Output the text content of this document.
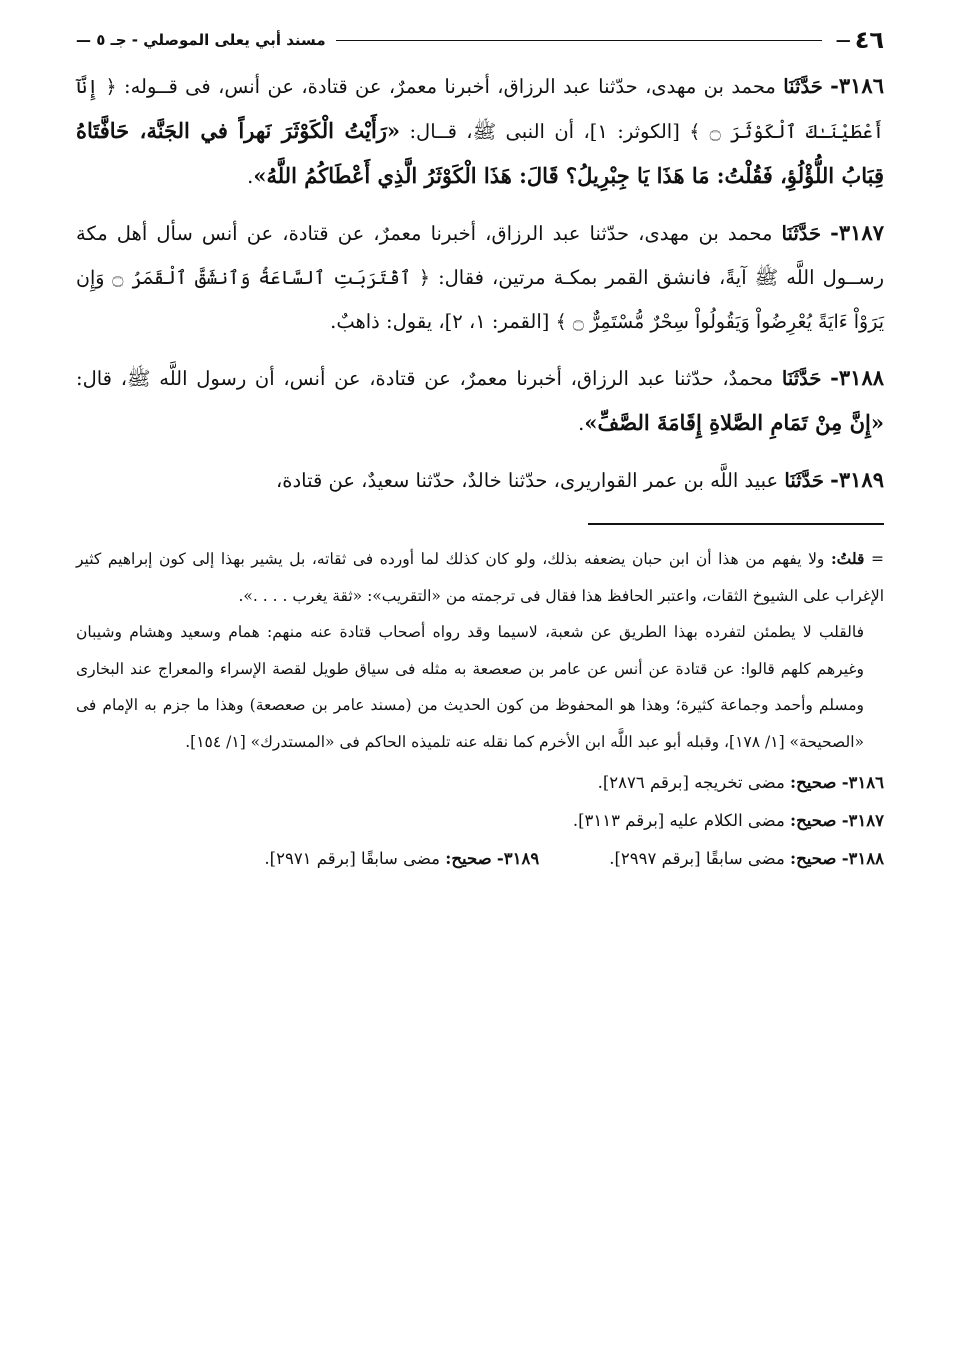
٤٦
—
مسند أبي يعلى الموصلي - جـ ٥ —
٣١٨٦- حَدَّثَنَا محمد بن مهدى، حدّثنا عبد الرزاق، أخبرنا معمرٌ، عن قتادة، عن أنس، فى قــوله: ﴿ إِنَّآ أَعْطَيْنَـٰكَ ٱلْكَوْثَرَ ۝ ﴾ [الكوثر: ١]، أن النبى ﷺ، قــال: «رَأَيْتُ الْكَوْثَرَ نَهراً في الجَنَّة، حَافَّتَاهُ قِبَابُ اللُّؤْلُؤِ، فَقُلْتُ: مَا هَذَا يَا جِبْرِيلُ؟ قَالَ: هَذَا الْكَوْثَرُ الَّذِي أَعْطَاكُمُ اللَّهُ».
٣١٨٧- حَدَّثَنَا محمد بن مهدى، حدّثنا عبد الرزاق، أخبرنا معمرٌ، عن قتادة، عن أنس سأل أهل مكة رســول اللَّه ﷺ آيةً، فانشق القمر بمكـة مرتين، فقال: ﴿ ٱقْتَرَبَتِ ٱلسَّاعَةُ وَٱنشَقَّ ٱلْقَمَرُ ۝ وَإِن يَرَوْاْ ءَايَةً يُعْرِضُواْ وَيَقُولُواْ سِحْرٌ مُّسْتَمِرٌّ ۝ ﴾ [القمر: ١، ٢]، يقول: ذاهبٌ.
٣١٨٨- حَدَّثَنَا محمدٌ، حدّثنا عبد الرزاق، أخبرنا معمرٌ، عن قتادة، عن أنس، أن رسول اللَّه ﷺ، قال: «إِنَّ مِنْ تَمَامِ الصَّلاةِ إِقَامَةَ الصَّفِّ».
٣١٨٩- حَدَّثَنَا عبيد اللَّه بن عمر القواريرى، حدّثنا خالدٌ، حدّثنا سعيدٌ، عن قتادة،

= قلتُ: ولا يفهم من هذا أن ابن حبان يضعفه بذلك، ولو كان كذلك لما أورده فى ثقاته، بل يشير بهذا إلى كون إبراهيم كثير الإغراب على الشيوخ الثقات، واعتبر الحافظ هذا فقال فى ترجمته من «التقريب»: «ثقة يغرب . . . .».

فالقلب لا يطمئن لتفرده بهذا الطريق عن شعبة، لاسيما وقد رواه أصحاب قتادة عنه منهم: همام وسعيد وهشام وشيبان وغيرهم كلهم قالوا: عن قتادة عن أنس عن عامر بن صعصعة به مثله فى سياق طويل لقصة الإسراء والمعراج عند البخارى ومسلم وأحمد وجماعة كثيرة؛ وهذا هو المحفوظ من كون الحديث من (مسند عامر بن صعصعة) وهذا ما جزم به الإمام فى «الصحيحة» [١/ ١٧٨]، وقبله أبو عبد اللَّه ابن الأخرم كما نقله عنه تلميذه الحاكم فى «المستدرك» [١/ ١٥٤].

٣١٨٦- صحيح: مضى تخريجه [برقم ٢٨٧٦].

٣١٨٧- صحيح: مضى الكلام عليه [برقم ٣١١٣].

٣١٨٨- صحيح: مضى سابقًا [برقم ٢٩٩٧].
٣١٨٩- صحيح: مضى سابقًا [برقم ٢٩٧١].
